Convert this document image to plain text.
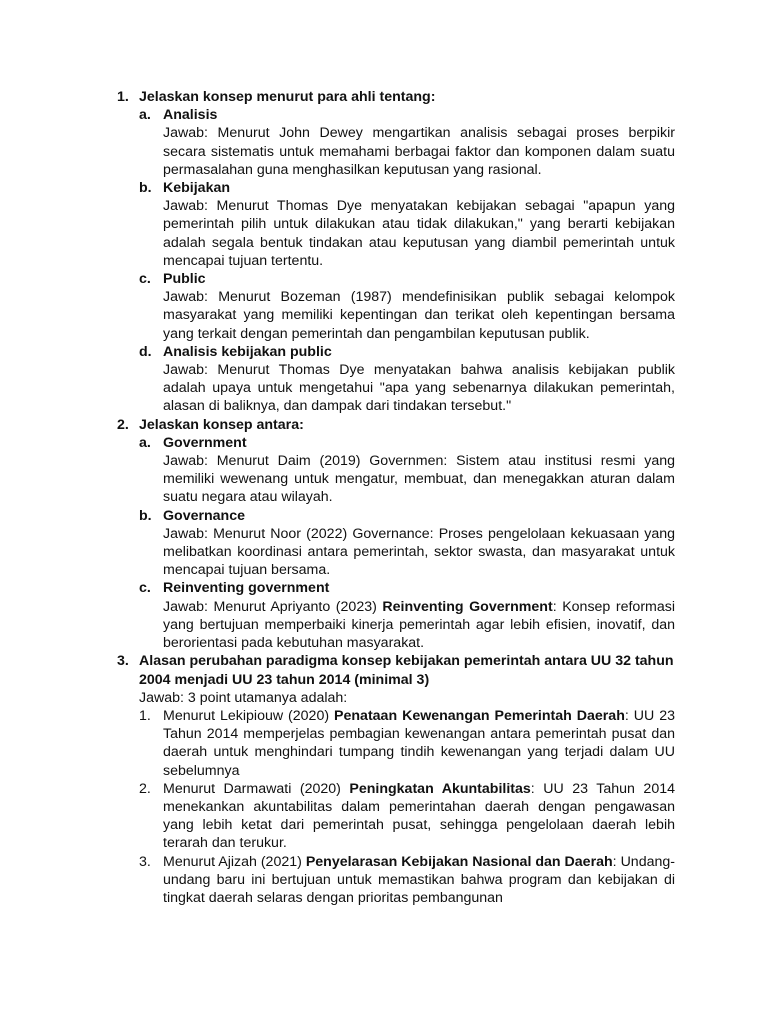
1. Jelaskan konsep menurut para ahli tentang:
a. Analisis
Jawab: Menurut John Dewey mengartikan analisis sebagai proses berpikir secara sistematis untuk memahami berbagai faktor dan komponen dalam suatu permasalahan guna menghasilkan keputusan yang rasional.
b. Kebijakan
Jawab: Menurut Thomas Dye menyatakan kebijakan sebagai "apapun yang pemerintah pilih untuk dilakukan atau tidak dilakukan," yang berarti kebijakan adalah segala bentuk tindakan atau keputusan yang diambil pemerintah untuk mencapai tujuan tertentu.
c. Public
Jawab: Menurut Bozeman (1987) mendefinisikan publik sebagai kelompok masyarakat yang memiliki kepentingan dan terikat oleh kepentingan bersama yang terkait dengan pemerintah dan pengambilan keputusan publik.
d. Analisis kebijakan public
Jawab: Menurut Thomas Dye menyatakan bahwa analisis kebijakan publik adalah upaya untuk mengetahui "apa yang sebenarnya dilakukan pemerintah, alasan di baliknya, dan dampak dari tindakan tersebut."
2. Jelaskan konsep antara:
a. Government
Jawab: Menurut Daim (2019) Governmen: Sistem atau institusi resmi yang memiliki wewenang untuk mengatur, membuat, dan menegakkan aturan dalam suatu negara atau wilayah.
b. Governance
Jawab: Menurut Noor (2022) Governance: Proses pengelolaan kekuasaan yang melibatkan koordinasi antara pemerintah, sektor swasta, dan masyarakat untuk mencapai tujuan bersama.
c. Reinventing government
Jawab: Menurut Apriyanto (2023) Reinventing Government: Konsep reformasi yang bertujuan memperbaiki kinerja pemerintah agar lebih efisien, inovatif, dan berorientasi pada kebutuhan masyarakat.
3. Alasan perubahan paradigma konsep kebijakan pemerintah antara UU 32 tahun 2004 menjadi UU 23 tahun 2014 (minimal 3)
Jawab: 3 point utamanya adalah:
1. Menurut Lekipiouw (2020) Penataan Kewenangan Pemerintah Daerah: UU 23 Tahun 2014 memperjelas pembagian kewenangan antara pemerintah pusat dan daerah untuk menghindari tumpang tindih kewenangan yang terjadi dalam UU sebelumnya
2. Menurut Darmawati (2020) Peningkatan Akuntabilitas: UU 23 Tahun 2014 menekankan akuntabilitas dalam pemerintahan daerah dengan pengawasan yang lebih ketat dari pemerintah pusat, sehingga pengelolaan daerah lebih terarah dan terukur.
3. Menurut Ajizah (2021) Penyelarasan Kebijakan Nasional dan Daerah: Undang-undang baru ini bertujuan untuk memastikan bahwa program dan kebijakan di tingkat daerah selaras dengan prioritas pembangunan
